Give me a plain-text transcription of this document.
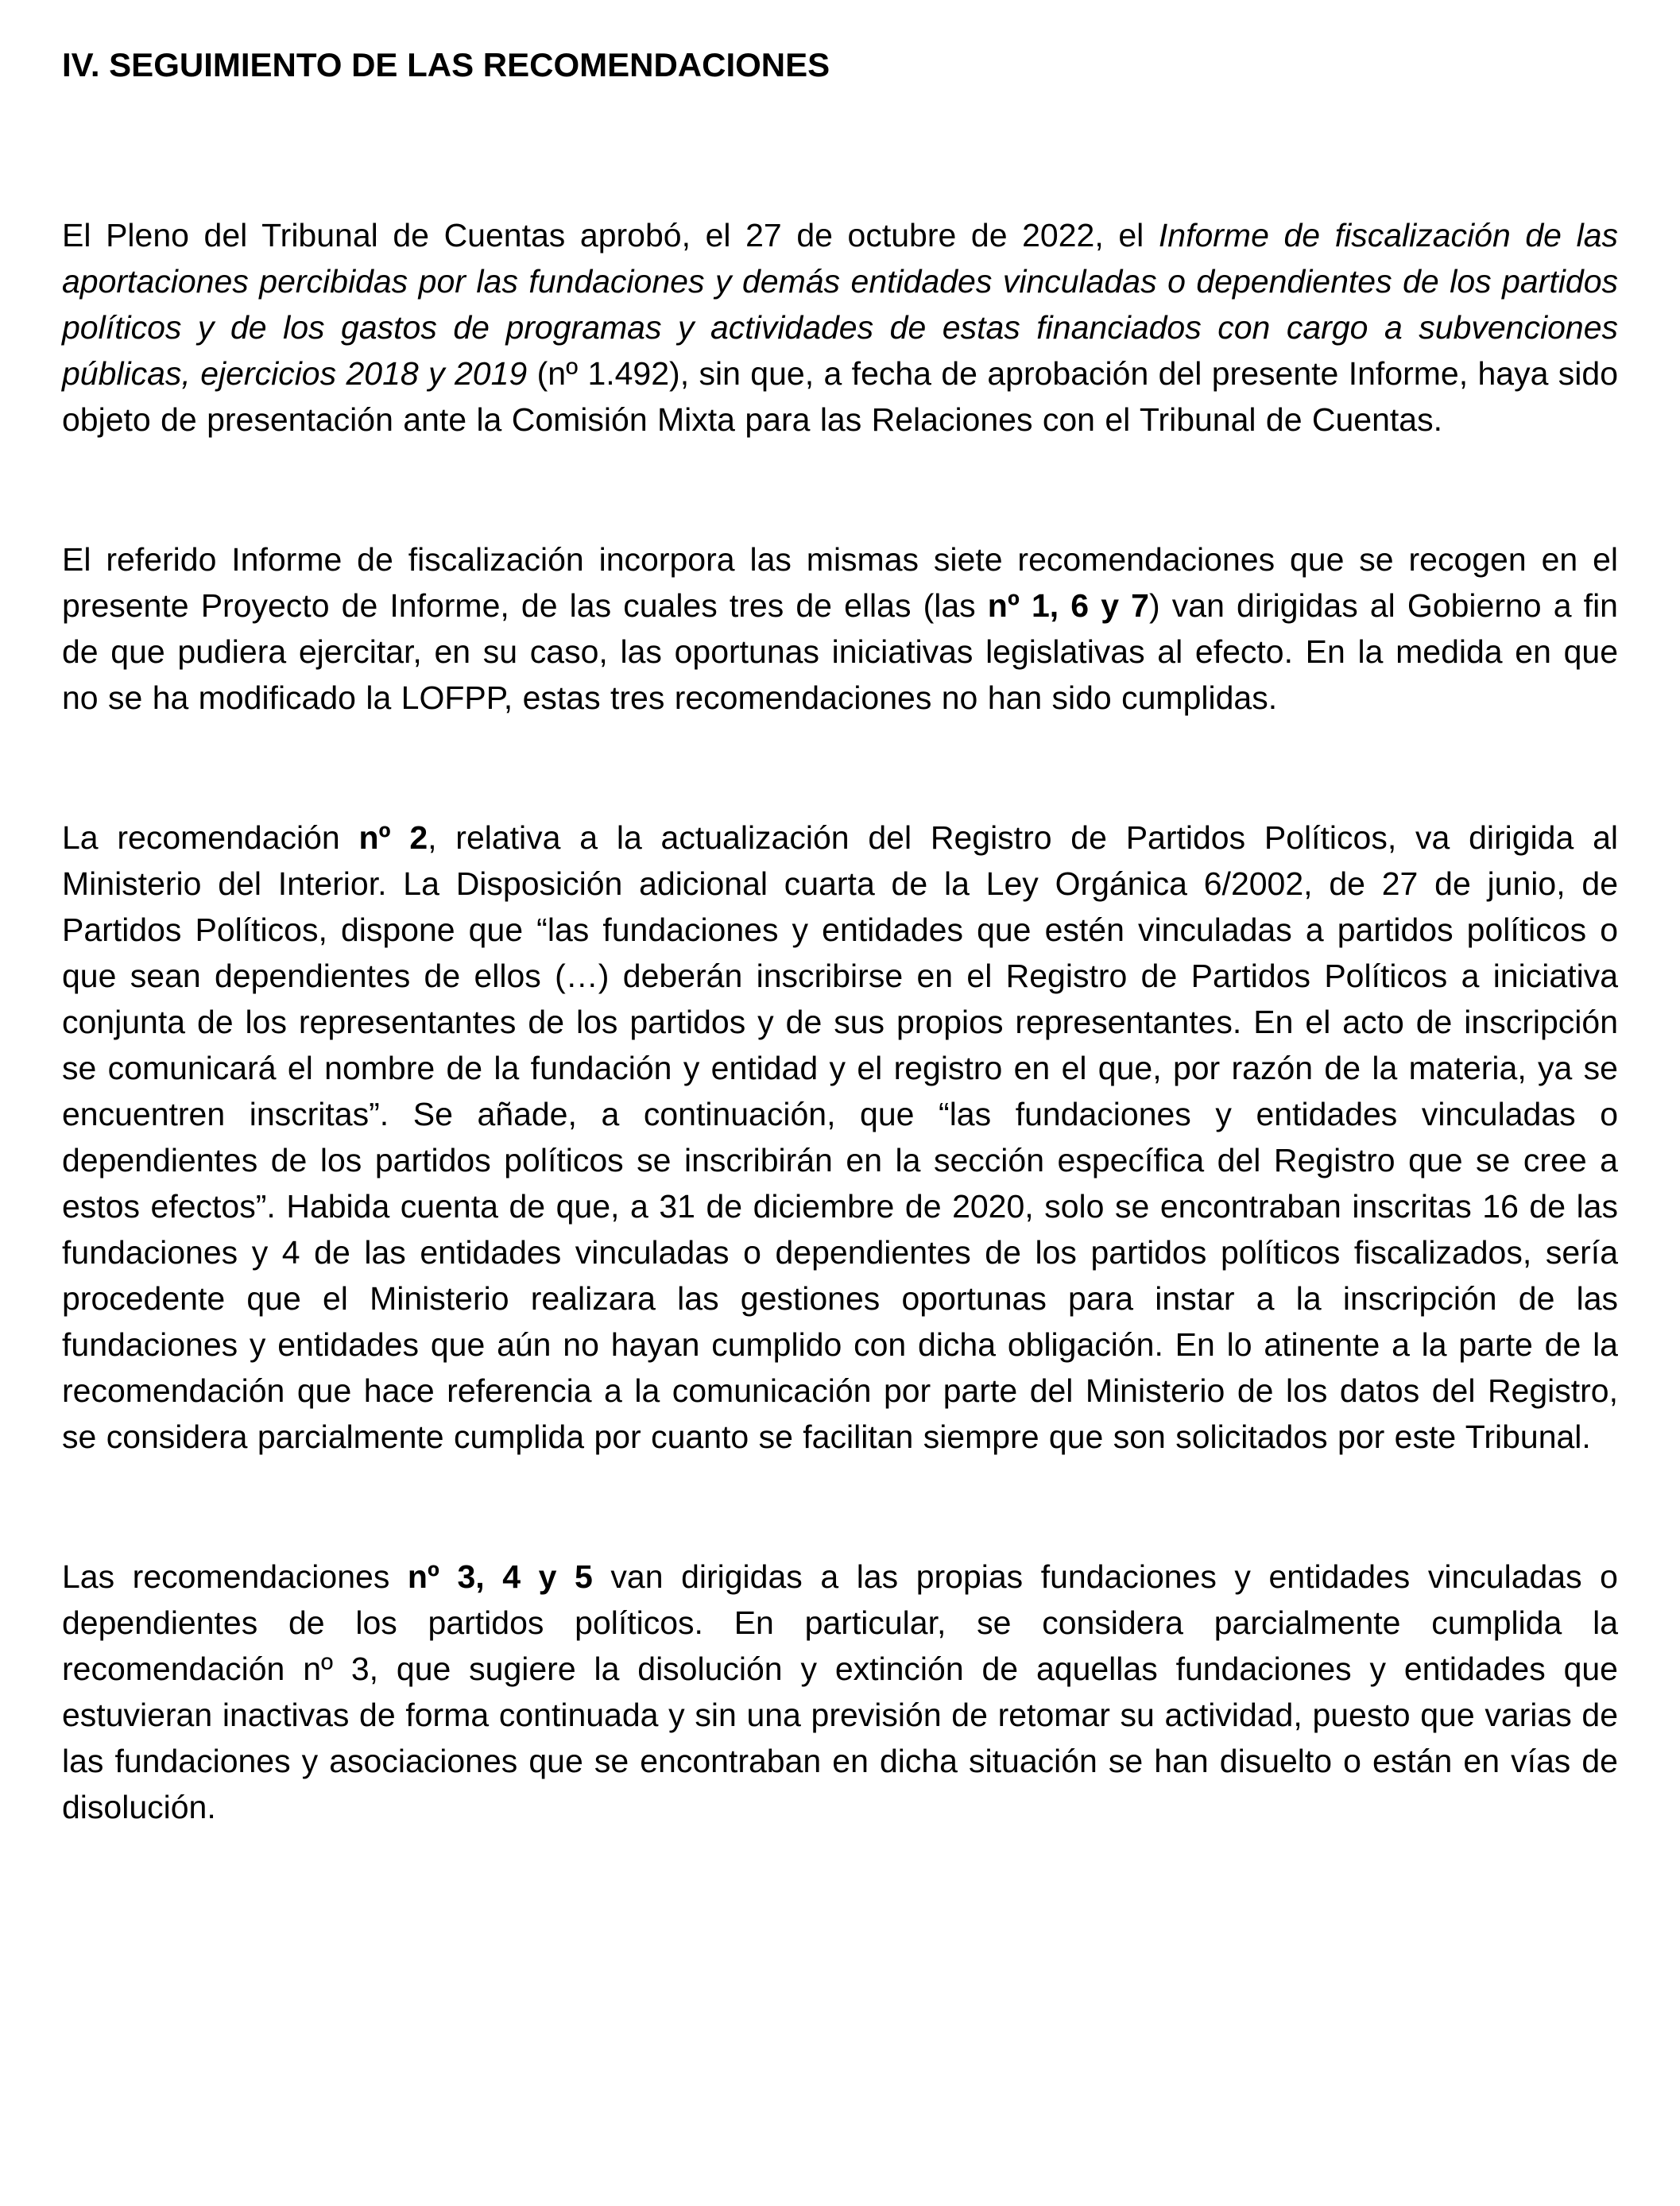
IV. SEGUIMIENTO DE LAS RECOMENDACIONES

El Pleno del Tribunal de Cuentas aprobó, el 27 de octubre de 2022, el Informe de fiscalización de las aportaciones percibidas por las fundaciones y demás entidades vinculadas o dependientes de los partidos políticos y de los gastos de programas y actividades de estas financiados con cargo a subvenciones públicas, ejercicios 2018 y 2019 (nº 1.492), sin que, a fecha de aprobación del presente Informe, haya sido objeto de presentación ante la Comisión Mixta para las Relaciones con el Tribunal de Cuentas.

El referido Informe de fiscalización incorpora las mismas siete recomendaciones que se recogen en el presente Proyecto de Informe, de las cuales tres de ellas (las nº 1, 6 y 7) van dirigidas al Gobierno a fin de que pudiera ejercitar, en su caso, las oportunas iniciativas legislativas al efecto. En la medida en que no se ha modificado la LOFPP, estas tres recomendaciones no han sido cumplidas.

La recomendación nº 2, relativa a la actualización del Registro de Partidos Políticos, va dirigida al Ministerio del Interior. La Disposición adicional cuarta de la Ley Orgánica 6/2002, de 27 de junio, de Partidos Políticos, dispone que “las fundaciones y entidades que estén vinculadas a partidos políticos o que sean dependientes de ellos (…) deberán inscribirse en el Registro de Partidos Políticos a iniciativa conjunta de los representantes de los partidos y de sus propios representantes. En el acto de inscripción se comunicará el nombre de la fundación y entidad y el registro en el que, por razón de la materia, ya se encuentren inscritas”. Se añade, a continuación, que “las fundaciones y entidades vinculadas o dependientes de los partidos políticos se inscribirán en la sección específica del Registro que se cree a estos efectos”. Habida cuenta de que, a 31 de diciembre de 2020, solo se encontraban inscritas 16 de las fundaciones y 4 de las entidades vinculadas o dependientes de los partidos políticos fiscalizados, sería procedente que el Ministerio realizara las gestiones oportunas para instar a la inscripción de las fundaciones y entidades que aún no hayan cumplido con dicha obligación. En lo atinente a la parte de la recomendación que hace referencia a la comunicación por parte del Ministerio de los datos del Registro, se considera parcialmente cumplida por cuanto se facilitan siempre que son solicitados por este Tribunal.

Las recomendaciones nº 3, 4 y 5 van dirigidas a las propias fundaciones y entidades vinculadas o dependientes de los partidos políticos. En particular, se considera parcialmente cumplida la recomendación nº 3, que sugiere la disolución y extinción de aquellas fundaciones y entidades que estuvieran inactivas de forma continuada y sin una previsión de retomar su actividad, puesto que varias de las fundaciones y asociaciones que se encontraban en dicha situación se han disuelto o están en vías de disolución.
